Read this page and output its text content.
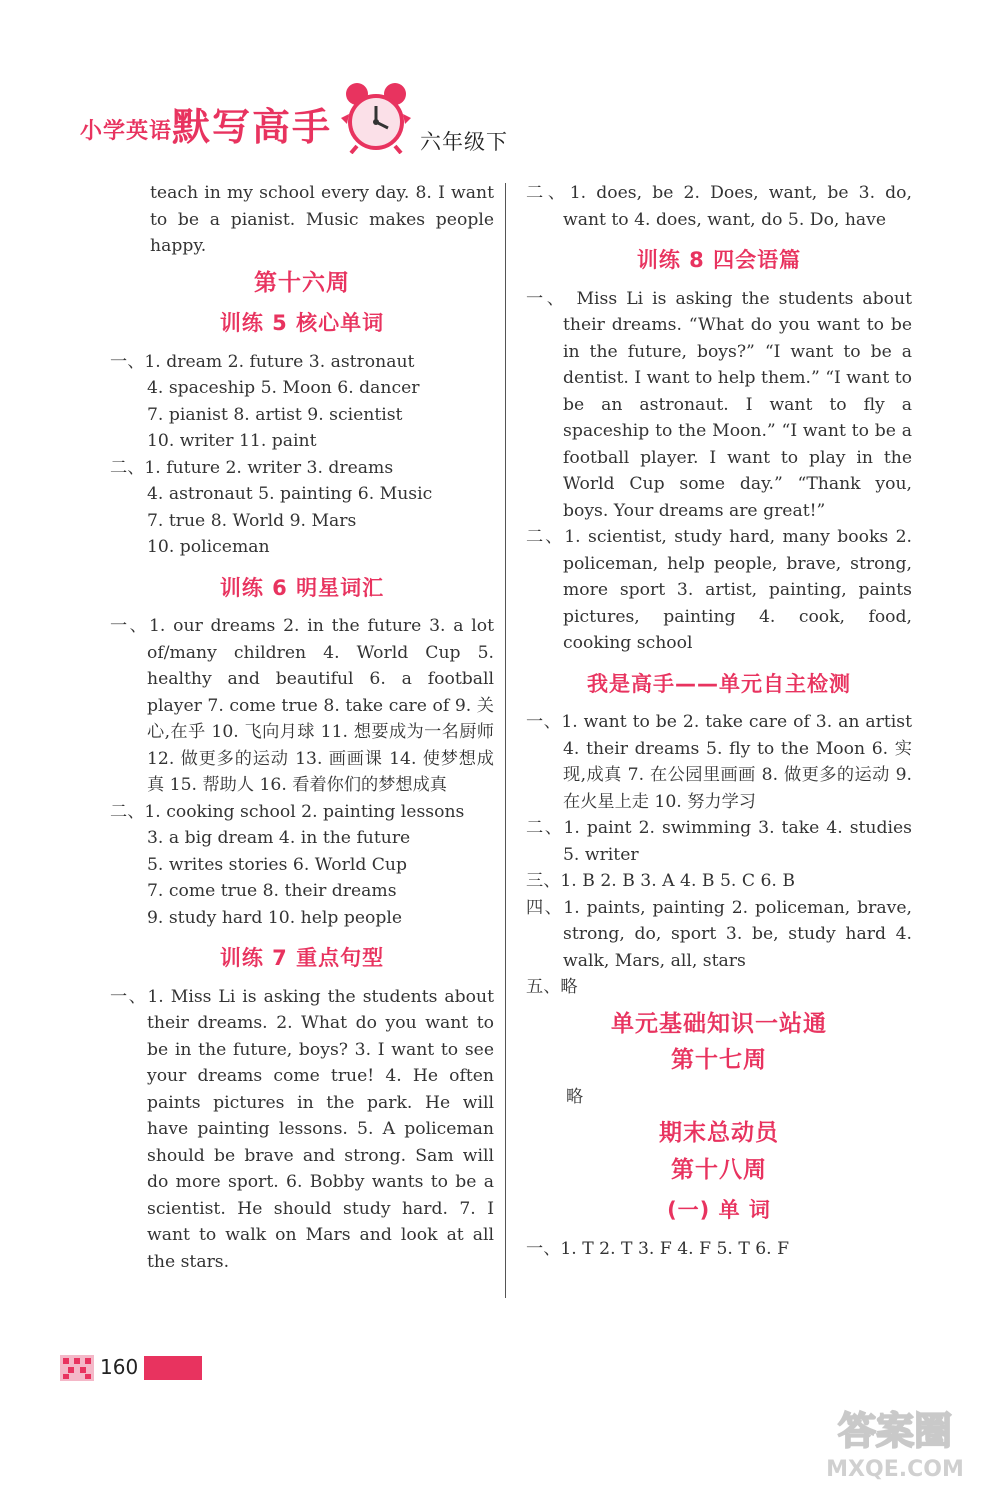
小学英语 默写高手	六年级下

teach in my school every day. 8. I want to be a pianist. Music makes people happy.

第十六周
训练 5 核心单词

一、1. dream 2. future 3. astronaut

4. spaceship 5. Moon 6. dancer

7. pianist 8. artist 9. scientist

10. writer 11. paint

二、1. future 2. writer 3. dreams

4. astronaut 5. painting 6. Music

7. true 8. World 9. Mars

10. policeman

训练 6 明星词汇

一、1. our dreams 2. in the future 3. a lot of/many children 4. World Cup 5. healthy and beautiful 6. a football player 7. come true 8. take care of 9. 关心,在乎 10. 飞向月球 11. 想要成为一名厨师 12. 做更多的运动 13. 画画课 14. 使梦想成真 15. 帮助人 16. 看着你们的梦想成真

二、1. cooking school 2. painting lessons

3. a big dream 4. in the future

5. writes stories 6. World Cup

7. come true 8. their dreams

9. study hard 10. help people

训练 7 重点句型

一、1. Miss Li is asking the students about their dreams. 2. What do you want to be in the future, boys? 3. I want to see your dreams come true! 4. He often paints pictures in the park. He will have painting lessons. 5. A policeman should be brave and strong. Sam will do more sport. 6. Bobby wants to be a scientist. He should study hard. 7. I want to walk on Mars and look at all the stars.

二、1. does, be 2. Does, want, be 3. do, want to 4. does, want, do 5. Do, have

训练 8 四会语篇

一、 Miss Li is asking the students about their dreams. “What do you want to be in the future, boys?” “I want to be a dentist. I want to help them.” “I want to be an astronaut. I want to fly a spaceship to the Moon.” “I want to be a football player. I want to play in the World Cup some day.” “Thank you, boys. Your dreams are great!”

二、1. scientist, study hard, many books 2. policeman, help people, brave, strong, more sport 3. artist, painting, paints pictures, painting 4. cook, food, cooking school

我是高手——单元自主检测

一、1. want to be 2. take care of 3. an artist 4. their dreams 5. fly to the Moon 6. 实现,成真 7. 在公园里画画 8. 做更多的运动 9. 在火星上走 10. 努力学习

二、1. paint 2. swimming 3. take 4. studies 5. writer

三、1. B 2. B 3. A 4. B 5. C 6. B

四、1. paints, painting 2. policeman, brave, strong, do, sport 3. be, study hard 4. walk, Mars, all, stars

五、略

单元基础知识一站通
第十七周

略

期末总动员
第十八周
(一) 单 词

一、1. T 2. T 3. F 4. F 5. T 6. F

160
答案圈
MXQE.COM
